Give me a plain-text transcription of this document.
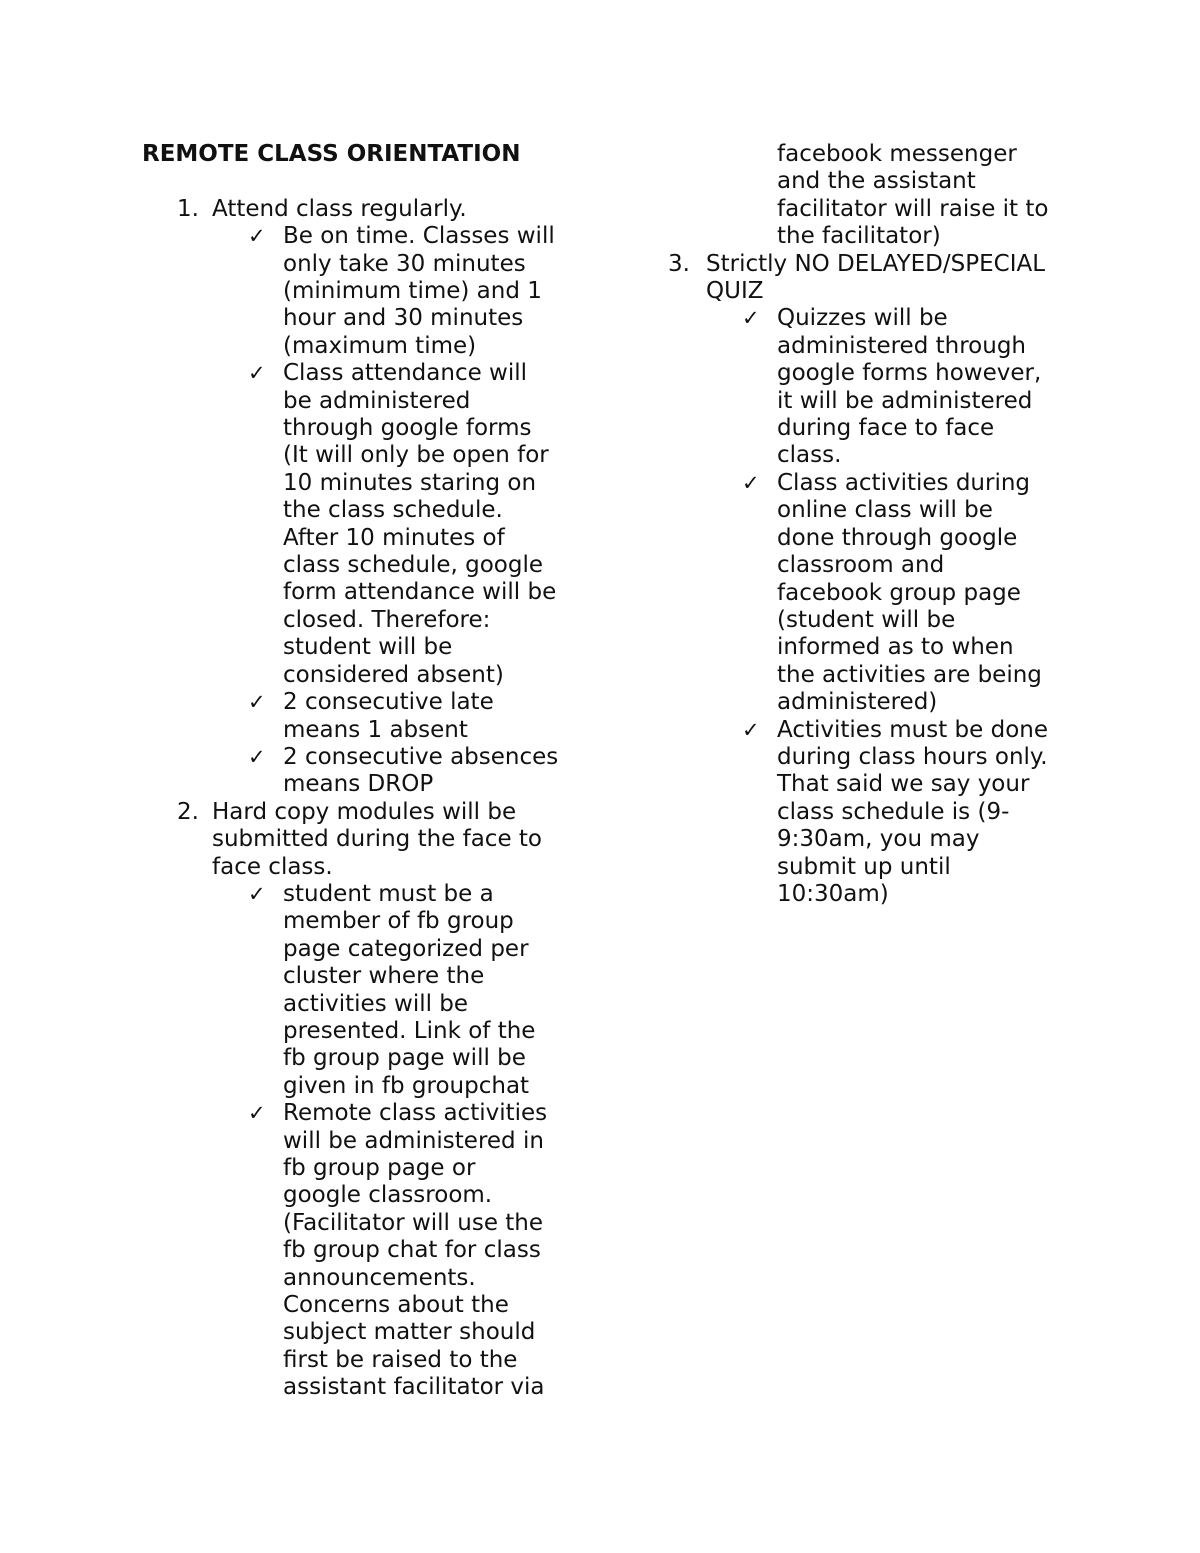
REMOTE CLASS ORIENTATION
1. Attend class regularly.
✓ Be on time. Classes will
only take 30 minutes
(minimum time) and 1
hour and 30 minutes
(maximum time)
✓ Class attendance will
be administered
through google forms
(It will only be open for
10 minutes staring on
the class schedule.
After 10 minutes of
class schedule, google
form attendance will be
closed. Therefore:
student will be
considered absent)
✓ 2 consecutive late
means 1 absent
✓ 2 consecutive absences
means DROP
2. Hard copy modules will be
submitted during the face to
face class.
✓ student must be a
member of fb group
page categorized per
cluster where the
activities will be
presented. Link of the
fb group page will be
given in fb groupchat
✓ Remote class activities
will be administered in
fb group page or
google classroom.
(Facilitator will use the
fb group chat for class
announcements.
Concerns about the
subject matter should
first be raised to the
assistant facilitator via
facebook messenger
and the assistant
facilitator will raise it to
the facilitator)
3. Strictly NO DELAYED/SPECIAL
QUIZ
✓ Quizzes will be
administered through
google forms however,
it will be administered
during face to face
class.
✓ Class activities during
online class will be
done through google
classroom and
facebook group page
(student will be
informed as to when
the activities are being
administered)
✓ Activities must be done
during class hours only.
That said we say your
class schedule is (9-
9:30am, you may
submit up until
10:30am)
